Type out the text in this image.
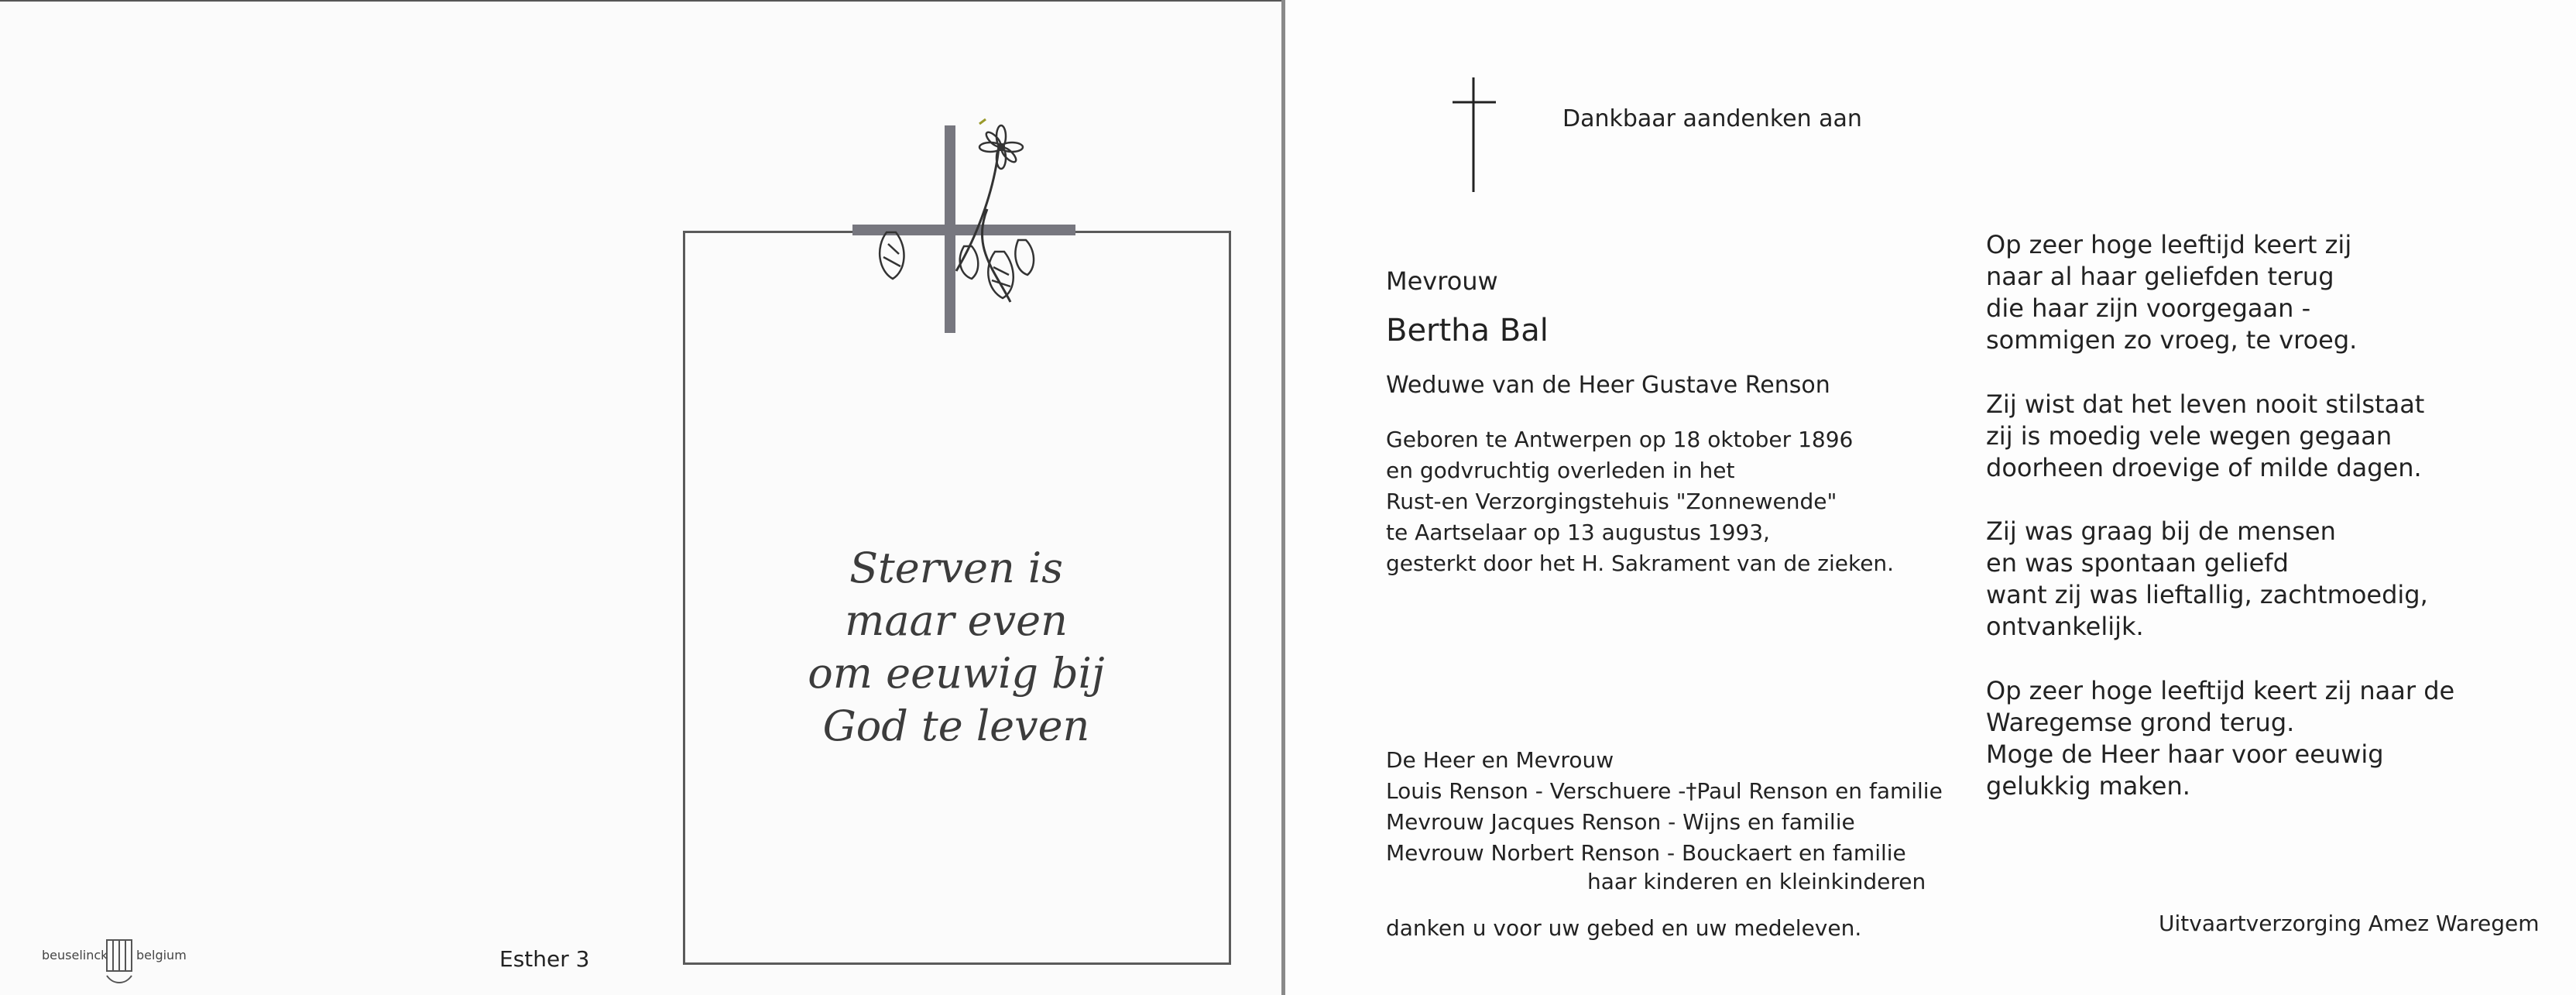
Sterven is
maar even
om eeuwig bij
God te leven
beuselinck belgium	Esther 3
Dankbaar aandenken aan
Mevrouw
Bertha Bal
Weduwe van de Heer Gustave Renson
Geboren te Antwerpen op 18 oktober 1896
en godvruchtig overleden in het
Rust-en Verzorgingstehuis "Zonnewende"
te Aartselaar op 13 augustus 1993,
gesterkt door het H. Sakrament van de zieken.
De Heer en Mevrouw
Louis Renson - Verschuere -†Paul Renson en familie
Mevrouw Jacques Renson - Wijns en familie
Mevrouw Norbert Renson - Bouckaert en familie
haar kinderen en kleinkinderen
danken u voor uw gebed en uw medeleven.
Op zeer hoge leeftijd keert zij
naar al haar geliefden terug
die haar zijn voorgegaan -
sommigen zo vroeg, te vroeg.
Zij wist dat het leven nooit stilstaat
zij is moedig vele wegen gegaan
doorheen droevige of milde dagen.
Zij was graag bij de mensen
en was spontaan geliefd
want zij was lieftallig, zachtmoedig,
ontvankelijk.
Op zeer hoge leeftijd keert zij naar de
Waregemse grond terug.
Moge de Heer haar voor eeuwig
gelukkig maken.
Uitvaartverzorging Amez Waregem
